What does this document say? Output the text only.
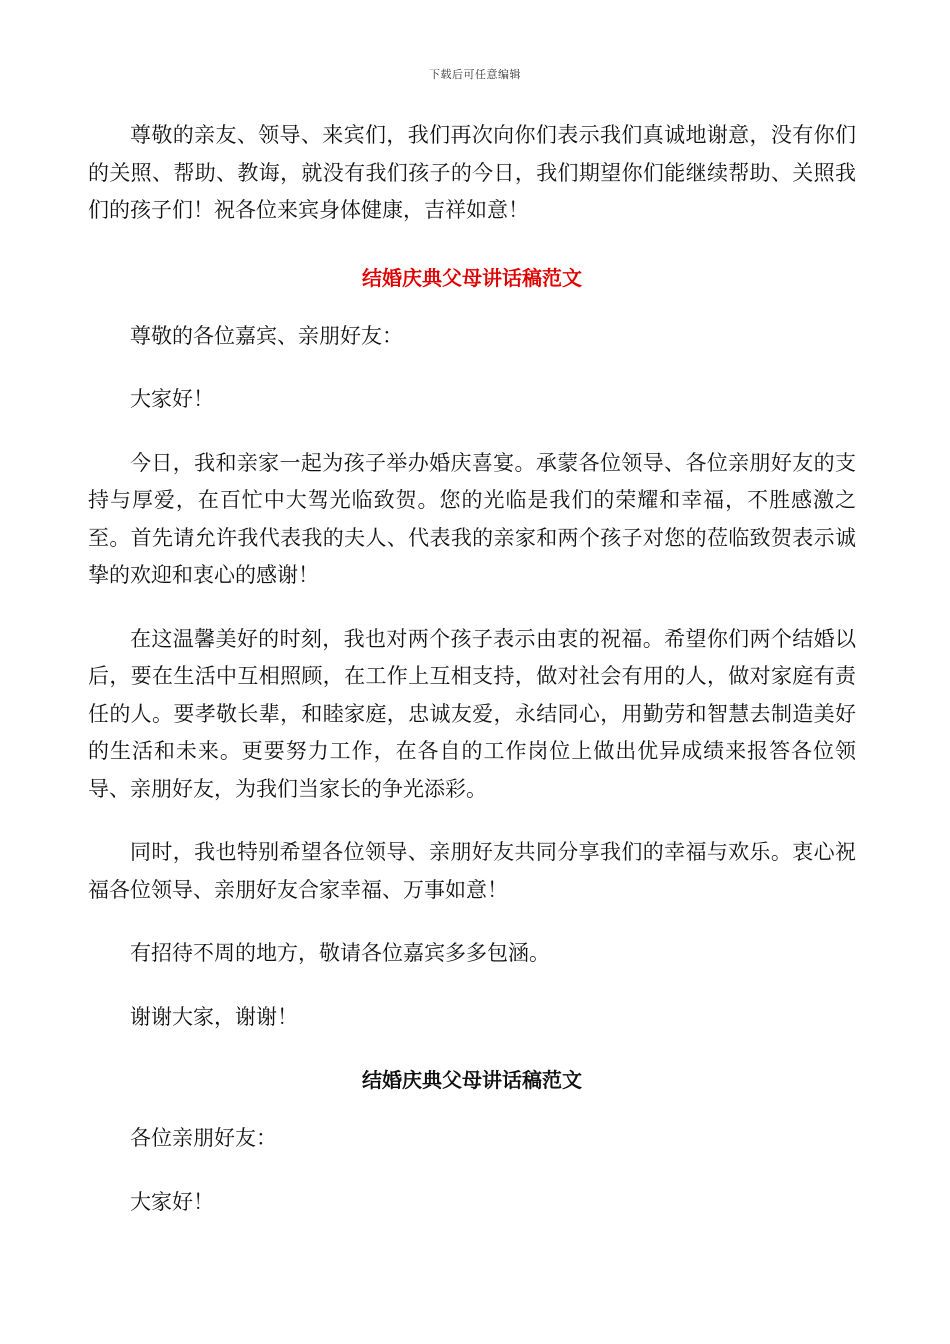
下载后可任意编辑

尊敬的亲友、领导、来宾们，我们再次向你们表示我们真诚地谢意，没有你们的关照、帮助、教诲，就没有我们孩子的今日，我们期望你们能继续帮助、关照我们的孩子们！祝各位来宾身体健康，吉祥如意！

结婚庆典父母讲话稿范文

尊敬的各位嘉宾、亲朋好友：

大家好！

今日，我和亲家一起为孩子举办婚庆喜宴。承蒙各位领导、各位亲朋好友的支持与厚爱，在百忙中大驾光临致贺。您的光临是我们的荣耀和幸福，不胜感激之至。首先请允许我代表我的夫人、代表我的亲家和两个孩子对您的莅临致贺表示诚挚的欢迎和衷心的感谢！

在这温馨美好的时刻，我也对两个孩子表示由衷的祝福。希望你们两个结婚以后，要在生活中互相照顾，在工作上互相支持，做对社会有用的人，做对家庭有责任的人。要孝敬长辈，和睦家庭，忠诚友爱，永结同心，用勤劳和智慧去制造美好的生活和未来。更要努力工作，在各自的工作岗位上做出优异成绩来报答各位领导、亲朋好友，为我们当家长的争光添彩。

同时，我也特别希望各位领导、亲朋好友共同分享我们的幸福与欢乐。衷心祝福各位领导、亲朋好友合家幸福、万事如意！

有招待不周的地方，敬请各位嘉宾多多包涵。

谢谢大家，谢谢！

结婚庆典父母讲话稿范文

各位亲朋好友：

大家好！
